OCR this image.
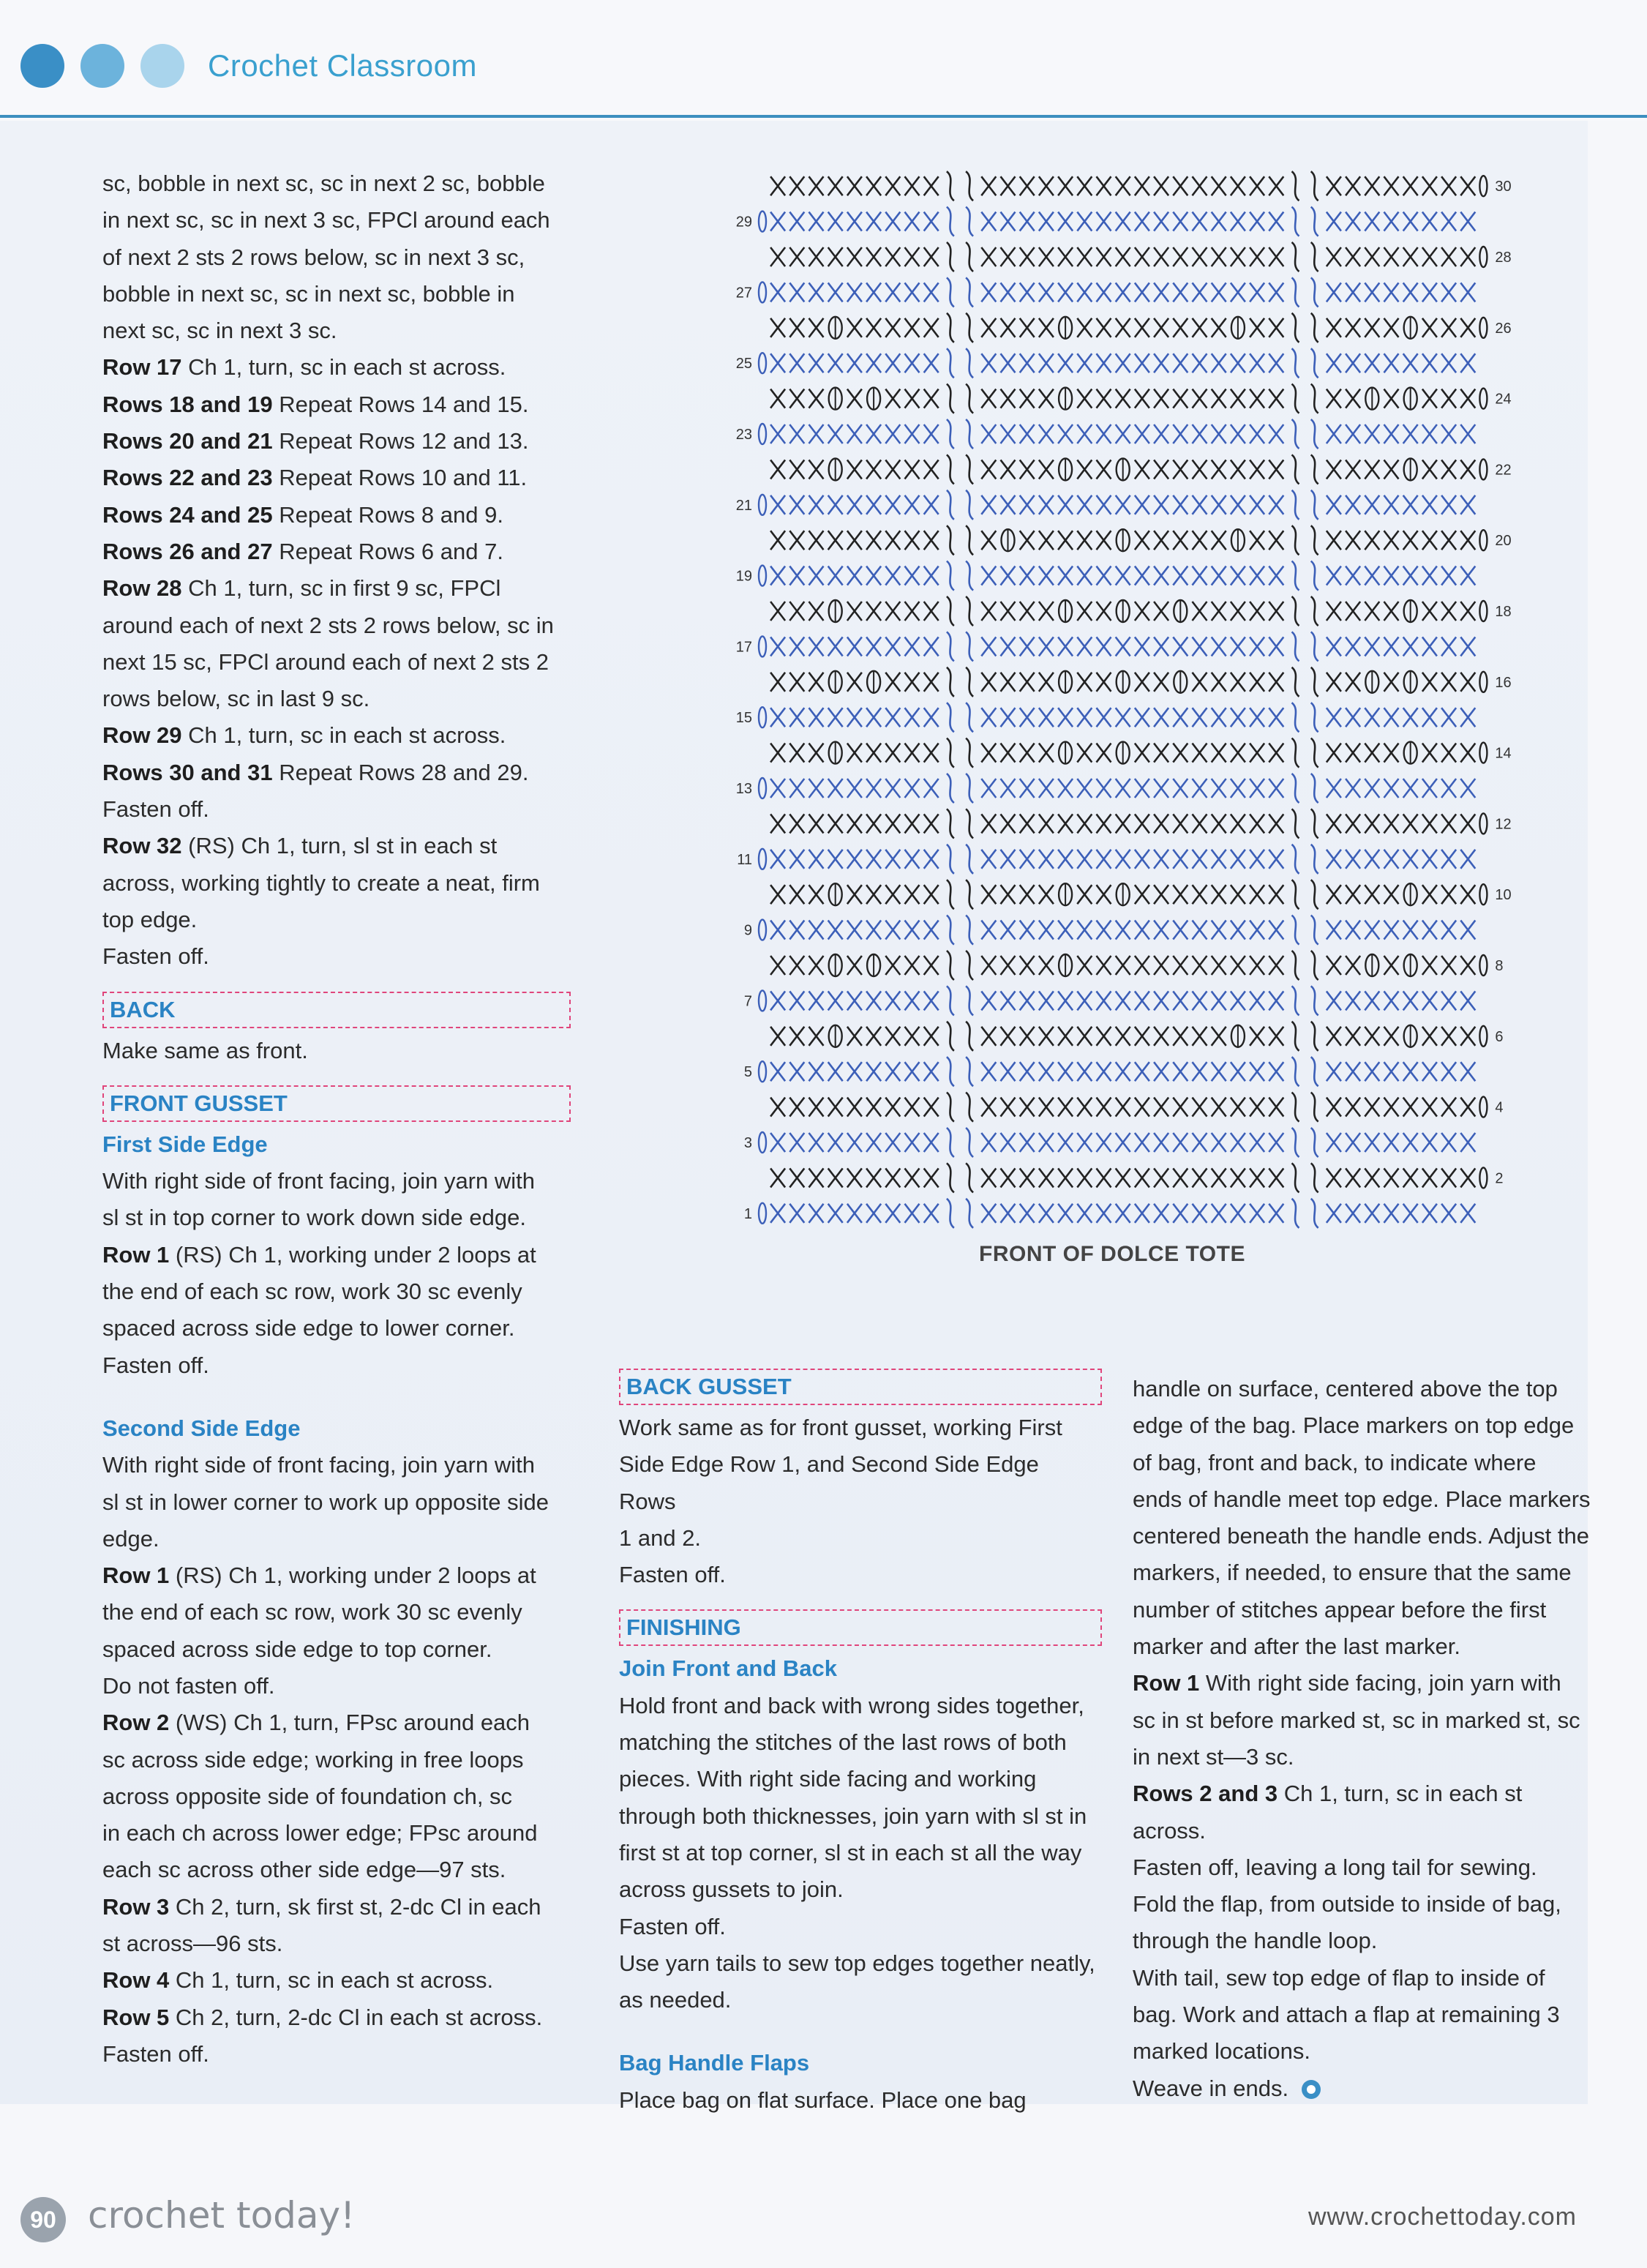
Crochet Classroom

sc, bobble in next sc, sc in next 2 sc, bobble

in next sc, sc in next 3 sc, FPCl around each

of next 2 sts 2 rows below, sc in next 3 sc,

bobble in next sc, sc in next sc, bobble in

next sc, sc in next 3 sc.

Row 17 Ch 1, turn, sc in each st across.

Rows 18 and 19 Repeat Rows 14 and 15.

Rows 20 and 21 Repeat Rows 12 and 13.

Rows 22 and 23 Repeat Rows 10 and 11.

Rows 24 and 25 Repeat Rows 8 and 9.

Rows 26 and 27 Repeat Rows 6 and 7.

Row 28 Ch 1, turn, sc in first 9 sc, FPCl

around each of next 2 sts 2 rows below, sc in

next 15 sc, FPCl around each of next 2 sts 2

rows below, sc in last 9 sc.

Row 29 Ch 1, turn, sc in each st across.

Rows 30 and 31 Repeat Rows 28 and 29.

Fasten off.

Row 32 (RS) Ch 1, turn, sl st in each st

across, working tightly to create a neat, firm

top edge.

Fasten off.

BACK

Make same as front.

FRONT GUSSET

First Side Edge

With right side of front facing, join yarn with

sl st in top corner to work down side edge.

Row 1 (RS) Ch 1, working under 2 loops at

the end of each sc row, work 30 sc evenly

spaced across side edge to lower corner.

Fasten off.

Second Side Edge

With right side of front facing, join yarn with

sl st in lower corner to work up opposite side

edge.

Row 1 (RS) Ch 1, working under 2 loops at

the end of each sc row, work 30 sc evenly

spaced across side edge to top corner.

Do not fasten off.

Row 2 (WS) Ch 1, turn, FPsc around each

sc across side edge; working in free loops

across opposite side of foundation ch, sc

in each ch across lower edge; FPsc around

each sc across other side edge—97 sts.

Row 3 Ch 2, turn, sk first st, 2-dc Cl in each

st across—96 sts.

Row 4 Ch 1, turn, sc in each st across.

Row 5 Ch 2, turn, 2-dc Cl in each st across.

Fasten off.

1
2
3
4
5
6
7
8
9
10
11
12
13
14
15
16
17
18
19
20
21
22
23
24
25
26
27
28
29
30
FRONT OF DOLCE TOTE
BACK GUSSET

Work same as for front gusset, working First

Side Edge Row 1, and Second Side Edge Rows

1 and 2.

Fasten off.

FINISHING

Join Front and Back

Hold front and back with wrong sides together,

matching the stitches of the last rows of both

pieces. With right side facing and working

through both thicknesses, join yarn with sl st in

first st at top corner, sl st in each st all the way

across gussets to join.

Fasten off.

Use yarn tails to sew top edges together neatly,

as needed.

Bag Handle Flaps

Place bag on flat surface. Place one bag

handle on surface, centered above the top

edge of the bag. Place markers on top edge

of bag, front and back, to indicate where

ends of handle meet top edge. Place markers

centered beneath the handle ends. Adjust the

markers, if needed, to ensure that the same

number of stitches appear before the first

marker and after the last marker.

Row 1 With right side facing, join yarn with

sc in st before marked st, sc in marked st, sc

in next st—3 sc.

Rows 2 and 3 Ch 1, turn, sc in each st

across.

Fasten off, leaving a long tail for sewing.

Fold the flap, from outside to inside of bag,

through the handle loop.

With tail, sew top edge of flap to inside of

bag. Work and attach a flap at remaining 3

marked locations.

Weave in ends.

90 crochet today!	www.crochettoday.com
